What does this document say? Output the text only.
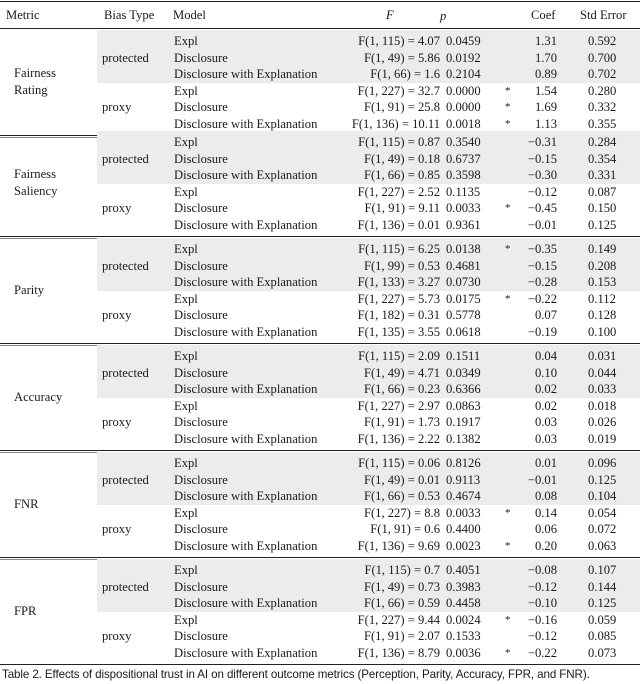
Metric	Bias Type Model	F	p	Coef Std Error
Fairness
Rating
protected
Expl	F(1, 115) = 4.07 0.0459	1.31 0.592
Disclosure	F(1, 49) = 5.86 0.0192	1.70 0.700
Disclosure with Explanation	F(1, 66) = 1.6 0.2104	0.89 0.702
proxy
Expl	F(1, 227) = 32.7 0.0000 * 1.54 0.280
Disclosure	F(1, 91) = 25.8 0.0000 * 1.69 0.332
Disclosure with Explanation	F(1, 136) = 10.11 0.0018 * 1.13 0.355
Fairness
Saliency
protected
Expl	F(1, 115) = 0.87 0.3540	−0.31 0.284
Disclosure	F(1, 49) = 0.18 0.6737	−0.15 0.354
Disclosure with Explanation	F(1, 66) = 0.85 0.3598	−0.30 0.331
proxy
Expl	F(1, 227) = 2.52 0.1135	−0.12 0.087
Disclosure	F(1, 91) = 9.11 0.0033 * −0.45 0.150
Disclosure with Explanation	F(1, 136) = 0.01 0.9361	−0.01 0.125
Parity
protected
Expl	F(1, 115) = 6.25 0.0138 * −0.35 0.149
Disclosure	F(1, 99) = 0.53 0.4681	−0.15 0.208
Disclosure with Explanation	F(1, 133) = 3.27 0.0730	−0.28 0.153
proxy
Expl	F(1, 227) = 5.73 0.0175 * −0.22 0.112
Disclosure	F(1, 182) = 0.31 0.5778	0.07 0.128
Disclosure with Explanation	F(1, 135) = 3.55 0.0618	−0.19 0.100
Accuracy
protected
Expl	F(1, 115) = 2.09 0.1511	0.04 0.031
Disclosure	F(1, 49) = 4.71 0.0349	0.10 0.044
Disclosure with Explanation	F(1, 66) = 0.23 0.6366	0.02 0.033
proxy
Expl	F(1, 227) = 2.97 0.0863	0.02 0.018
Disclosure	F(1, 91) = 1.73 0.1917	0.03 0.026
Disclosure with Explanation	F(1, 136) = 2.22 0.1382	0.03 0.019
FNR
protected
Expl	F(1, 115) = 0.06 0.8126	0.01 0.096
Disclosure	F(1, 49) = 0.01 0.9113	−0.01 0.125
Disclosure with Explanation	F(1, 66) = 0.53 0.4674	0.08 0.104
proxy
Expl	F(1, 227) = 8.8 0.0033 * 0.14 0.054
Disclosure	F(1, 91) = 0.6 0.4400	0.06 0.072
Disclosure with Explanation	F(1, 136) = 9.69 0.0023 * 0.20 0.063
FPR
protected
Expl	F(1, 115) = 0.7 0.4051	−0.08 0.107
Disclosure	F(1, 49) = 0.73 0.3983	−0.12 0.144
Disclosure with Explanation	F(1, 66) = 0.59 0.4458	−0.10 0.125
proxy
Expl	F(1, 227) = 9.44 0.0024 * −0.16 0.059
Disclosure	F(1, 91) = 2.07 0.1533	−0.12 0.085
Disclosure with Explanation	F(1, 136) = 8.79 0.0036 * −0.22 0.073
Table 2. Effects of dispositional trust in AI on different outcome metrics (Perception, Parity, Accuracy, FPR, and FNR).
